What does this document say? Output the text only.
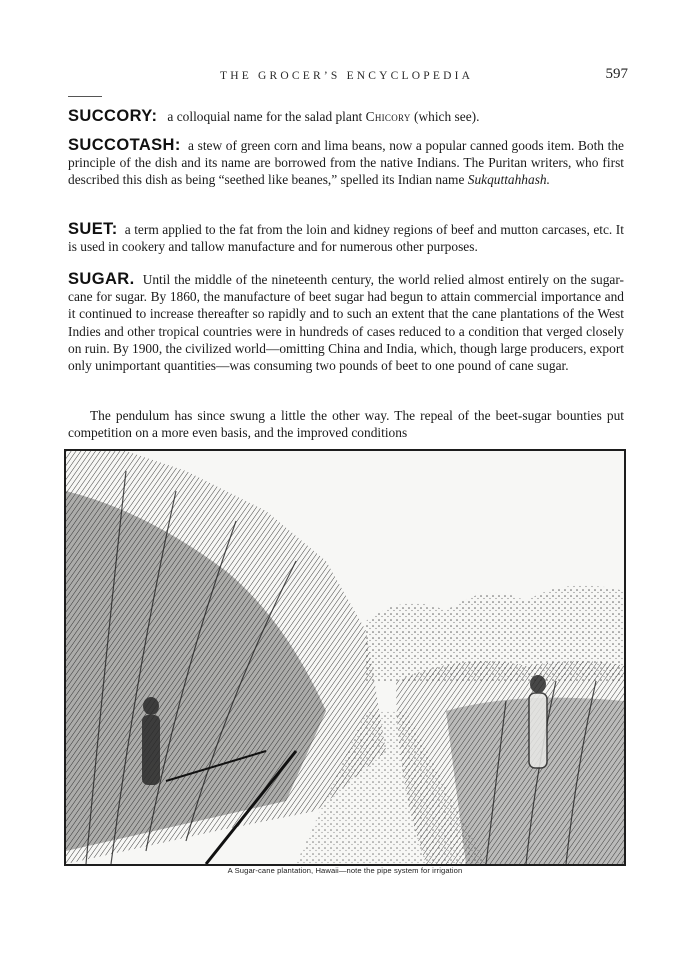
THE GROCER’S ENCYCLOPEDIA	597

SUCCORY: a colloquial name for the salad plant Chicory (which see).

SUCCOTASH: a stew of green corn and lima beans, now a popular canned goods item. Both the principle of the dish and its name are borrowed from the native Indians. The Puritan writers, who first described this dish as being “seethed like beanes,” spelled its Indian name Sukquttahhash.

SUET: a term applied to the fat from the loin and kidney regions of beef and mutton carcases, etc. It is used in cookery and tallow manufacture and for numerous other purposes.

SUGAR. Until the middle of the nineteenth century, the world relied almost entirely on the sugar-cane for sugar. By 1860, the manufacture of beet sugar had begun to attain commercial importance and it continued to increase thereafter so rapidly and to such an extent that the cane plantations of the West Indies and other tropical countries were in hundreds of cases reduced to a condition that verged closely on ruin. By 1900, the civilized world—omitting China and India, which, though large producers, export only unimportant quantities—was consuming two pounds of beet to one pound of cane sugar.

The pendulum has since swung a little the other way. The repeal of the beet-sugar bounties put competition on a more even basis, and the improved conditions

A Sugar-cane plantation, Hawaii—note the pipe system for irrigation
